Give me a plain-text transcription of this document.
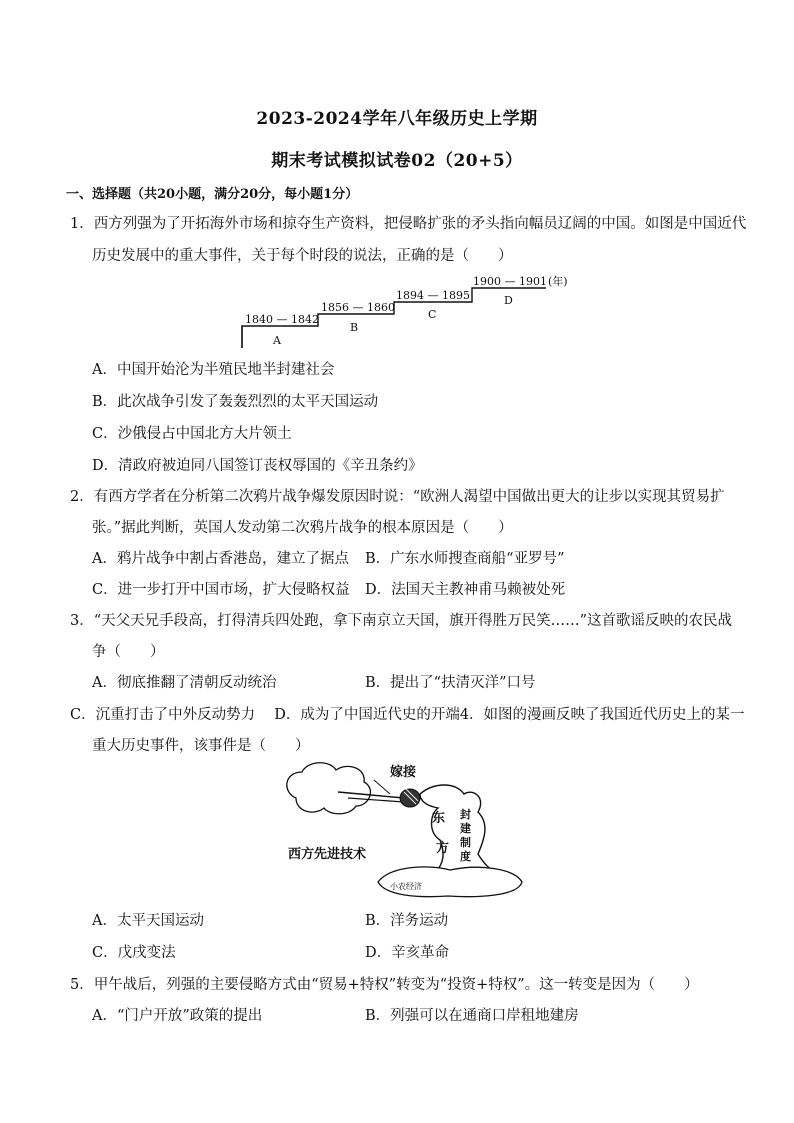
2023-2024学年八年级历史上学期
期末考试模拟试卷02（20+5）
一、选择题（共20小题，满分20分，每小题1分）
1．西方列强为了开拓海外市场和掠夺生产资料，把侵略扩张的矛头指向幅员辽阔的中国。如图是中国近代
历史发展中的重大事件，关于每个时段的说法，正确的是（　　）
1840 — 1842
A
1856 — 1860
B
1894 — 1895
C
1900 — 1901
D
(年)
A．中国开始沦为半殖民地半封建社会
B．此次战争引发了轰轰烈烈的太平天国运动
C．沙俄侵占中国北方大片领土
D．清政府被迫同八国签订丧权辱国的《辛丑条约》
2．有西方学者在分析第二次鸦片战争爆发原因时说：“欧洲人渴望中国做出更大的让步以实现其贸易扩
张。”据此判断，英国人发动第二次鸦片战争的根本原因是（　　）
A．鸦片战争中割占香港岛，建立了据点 B．广东水师搜查商船“亚罗号”
C．进一步打开中国市场，扩大侵略权益 D．法国天主教神甫马赖被处死
3．“天父天兄手段高，打得清兵四处跑，拿下南京立天国，旗开得胜万民笑……”这首歌谣反映的农民战
争（　　）
A．彻底推翻了清朝反动统治	B．提出了“扶清灭洋”口号
C．沉重打击了中外反动势力　 D．成为了中国近代史的开端4．如图的漫画反映了我国近代历史上的某一
重大历史事件，该事件是（　　）
嫁接
东
方
封
建
制
度
西方先进技术
小农经济
A．太平天国运动	B．洋务运动
C．戊戌变法	D．辛亥革命
5．甲午战后，列强的主要侵略方式由“贸易+特权”转变为“投资+特权”。这一转变是因为（　　）
A．“门户开放”政策的提出	B．列强可以在通商口岸租地建房
